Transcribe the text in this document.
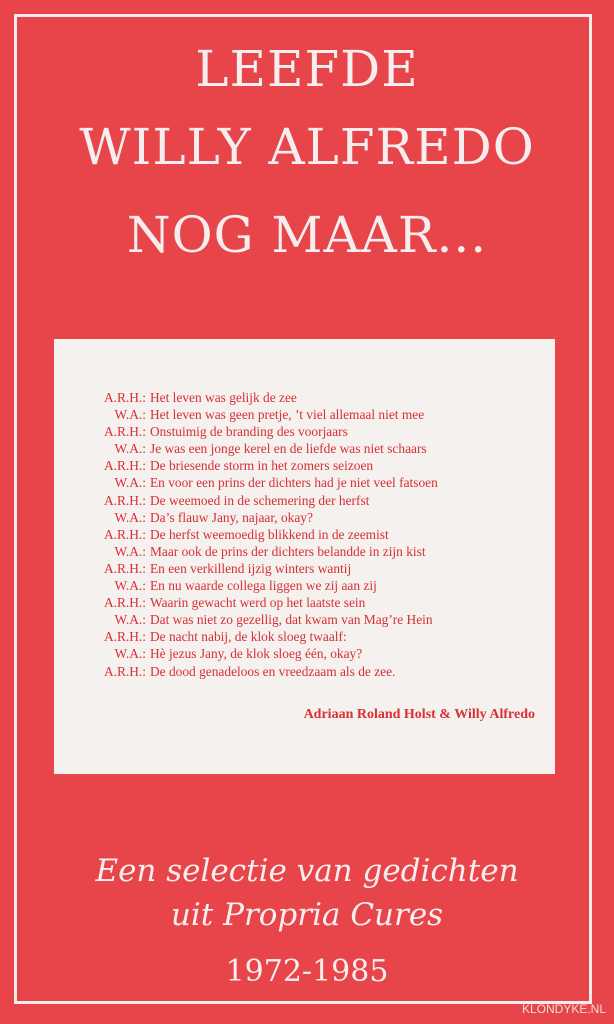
LEEFDE
WILLY ALFREDO
NOG MAAR...
A.R.H.: Het leven was gelijk de zee
W.A.: Het leven was geen pretje, ’t viel allemaal niet mee
A.R.H.: Onstuimig de branding des voorjaars
W.A.: Je was een jonge kerel en de liefde was niet schaars
A.R.H.: De briesende storm in het zomers seizoen
W.A.: En voor een prins der dichters had je niet veel fatsoen
A.R.H.: De weemoed in de schemering der herfst
W.A.: Da’s flauw Jany, najaar, okay?
A.R.H.: De herfst weemoedig blikkend in de zeemist
W.A.: Maar ook de prins der dichters belandde in zijn kist
A.R.H.: En een verkillend ijzig winters wantij
W.A.: En nu waarde collega liggen we zij aan zij
A.R.H.: Waarin gewacht werd op het laatste sein
W.A.: Dat was niet zo gezellig, dat kwam van Mag’re Hein
A.R.H.: De nacht nabij, de klok sloeg twaalf:
W.A.: Hè jezus Jany, de klok sloeg één, okay?
A.R.H.: De dood genadeloos en vreedzaam als de zee.
Adriaan Roland Holst & Willy Alfredo
Een selectie van gedichten
uit Propria Cures
1972-1985
KLONDYKE.NL
